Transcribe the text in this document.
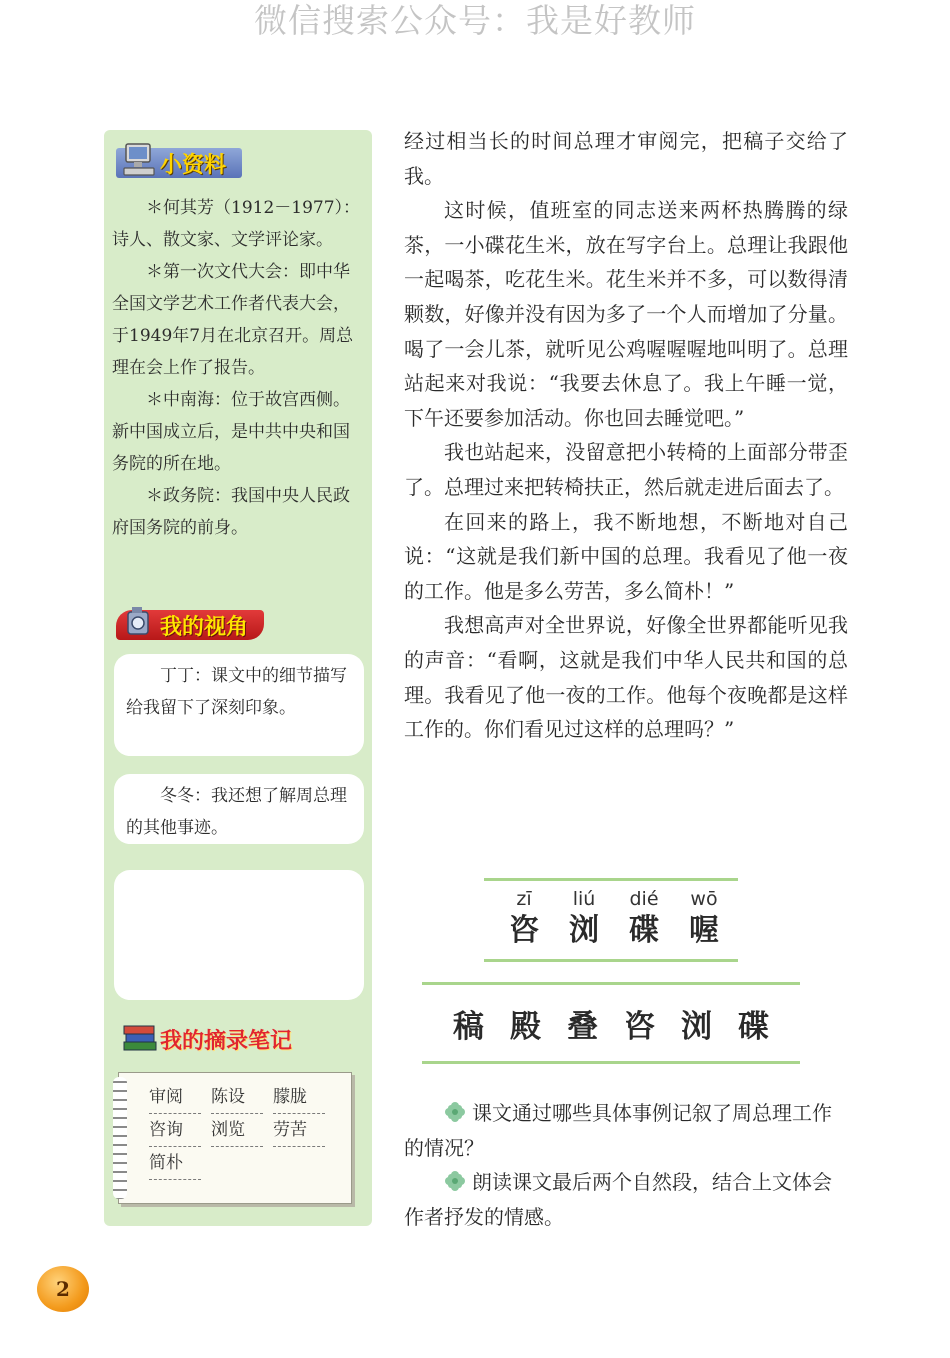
微信搜索公众号：我是好教师
小资料

＊何其芳（1912－1977）：诗人、散文家、文学评论家。

＊第一次文代大会：即中华全国文学艺术工作者代表大会，于1949年7月在北京召开。周总理在会上作了报告。

＊中南海：位于故宫西侧。新中国成立后，是中共中央和国务院的所在地。

＊政务院：我国中央人民政府国务院的前身。

我的视角

丁丁：课文中的细节描写给我留下了深刻印象。

冬冬：我还想了解周总理的其他事迹。

我的摘录笔记
审阅	陈设	朦胧
咨询	浏览	劳苦
简朴

经过相当长的时间总理才审阅完，把稿子交给了我。

这时候，值班室的同志送来两杯热腾腾的绿茶，一小碟花生米，放在写字台上。总理让我跟他一起喝茶，吃花生米。花生米并不多，可以数得清颗数，好像并没有因为多了一个人而增加了分量。喝了一会儿茶，就听见公鸡喔喔喔地叫明了。总理站起来对我说：“我要去休息了。我上午睡一觉，下午还要参加活动。你也回去睡觉吧。”

我也站起来，没留意把小转椅的上面部分带歪了。总理过来把转椅扶正，然后就走进后面去了。

在回来的路上，我不断地想，不断地对自己说：“这就是我们新中国的总理。我看见了他一夜的工作。他是多么劳苦，多么简朴！”

我想高声对全世界说，好像全世界都能听见我的声音：“看啊，这就是我们中华人民共和国的总理。我看见了他一夜的工作。他每个夜晚都是这样工作的。你们看见过这样的总理吗？”

zī
咨
liú
浏
dié
碟
wō
喔
稿 殿 叠 咨 浏 碟

课文通过哪些具体事例记叙了周总理工作的情况？

朗读课文最后两个自然段，结合上文体会作者抒发的情感。

2
